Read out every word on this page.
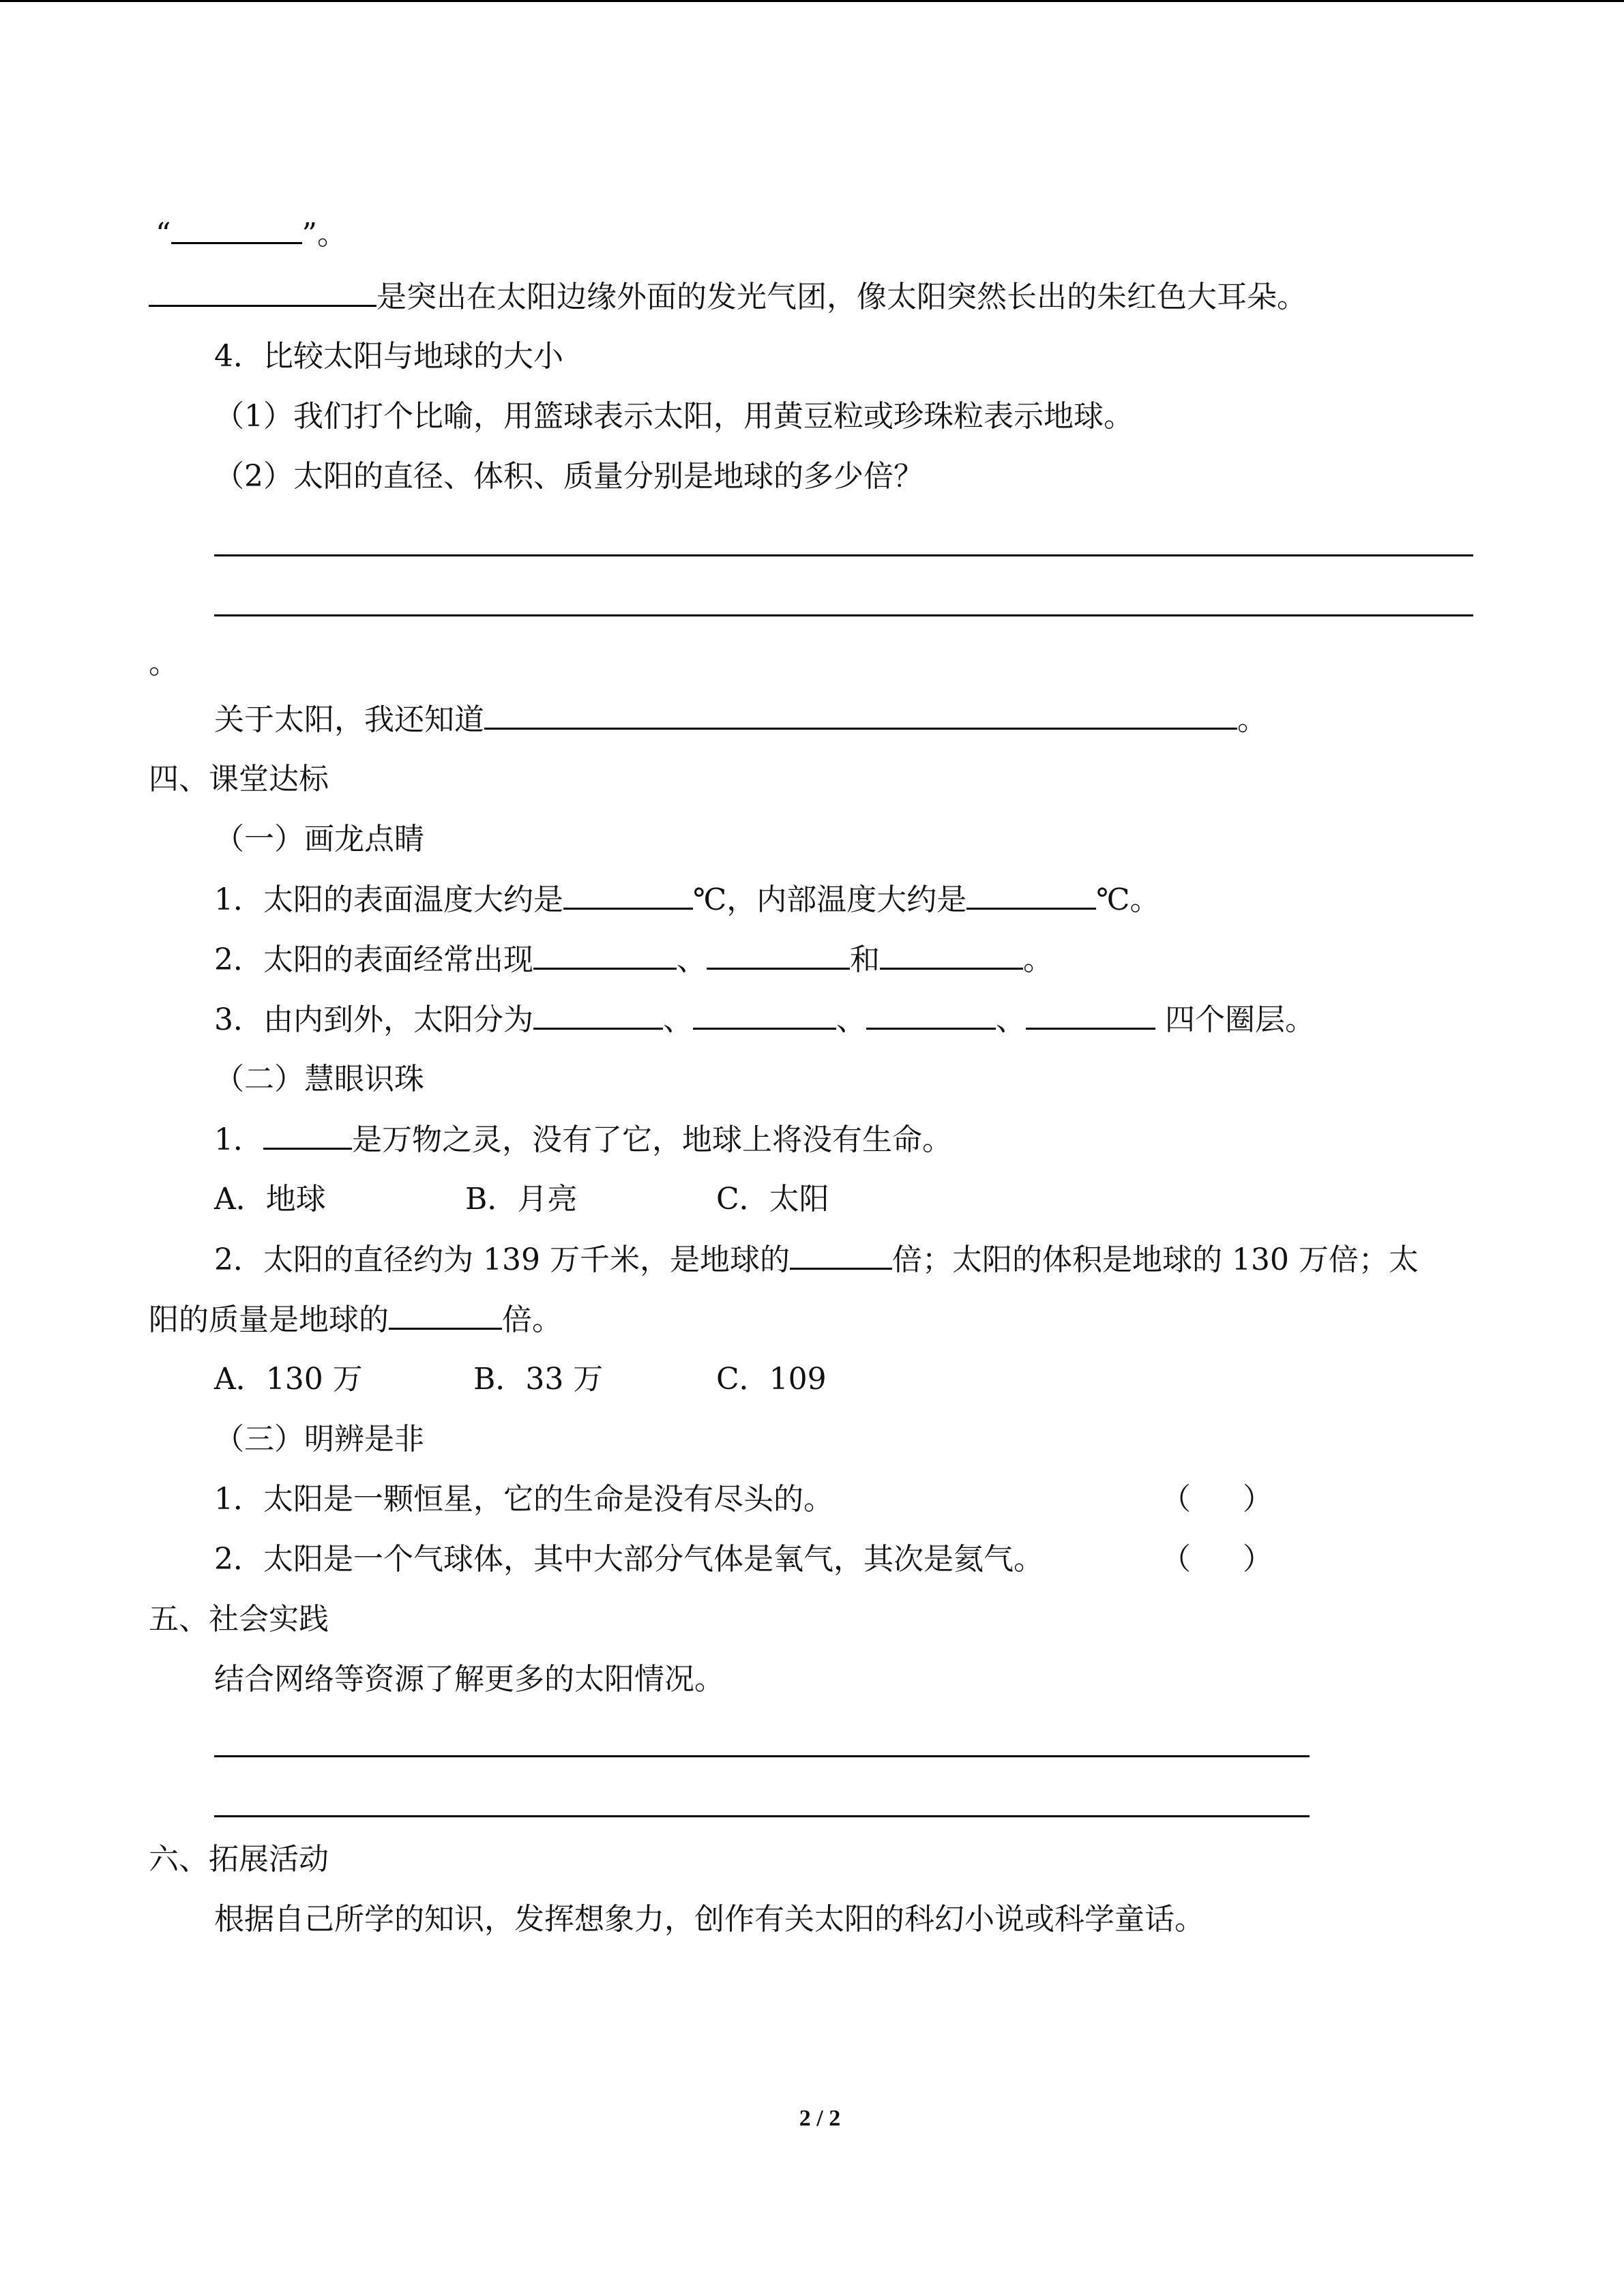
“	”。
是突出在太阳边缘外面的发光气团，像太阳突然长出的朱红色大耳朵。
4．比较太阳与地球的大小
（1）我们打个比喻，用篮球表示太阳，用黄豆粒或珍珠粒表示地球。
（2）太阳的直径、体积、质量分别是地球的多少倍？
。
关于太阳，我还知道	。
四、课堂达标
（一）画龙点睛
1．太阳的表面温度大约是	℃，内部温度大约是	℃。
2．太阳的表面经常出现	、	和	。
3．由内到外，太阳分为	、	、	、	四个圈层。
（二）慧眼识珠
1．	是万物之灵，没有了它，地球上将没有生命。
A．地球	B．月亮	C．太阳
2．太阳的直径约为 139 万千米，是地球的	倍；太阳的体积是地球的 130 万倍；太
阳的质量是地球的	倍。
A．130 万	B．33 万	C．109
（三）明辨是非
1．太阳是一颗恒星，它的生命是没有尽头的。	（ ）
2．太阳是一个气球体，其中大部分气体是氧气，其次是氦气。	（ ）
五、社会实践
结合网络等资源了解更多的太阳情况。
六、拓展活动
根据自己所学的知识，发挥想象力，创作有关太阳的科幻小说或科学童话。
2 / 2
